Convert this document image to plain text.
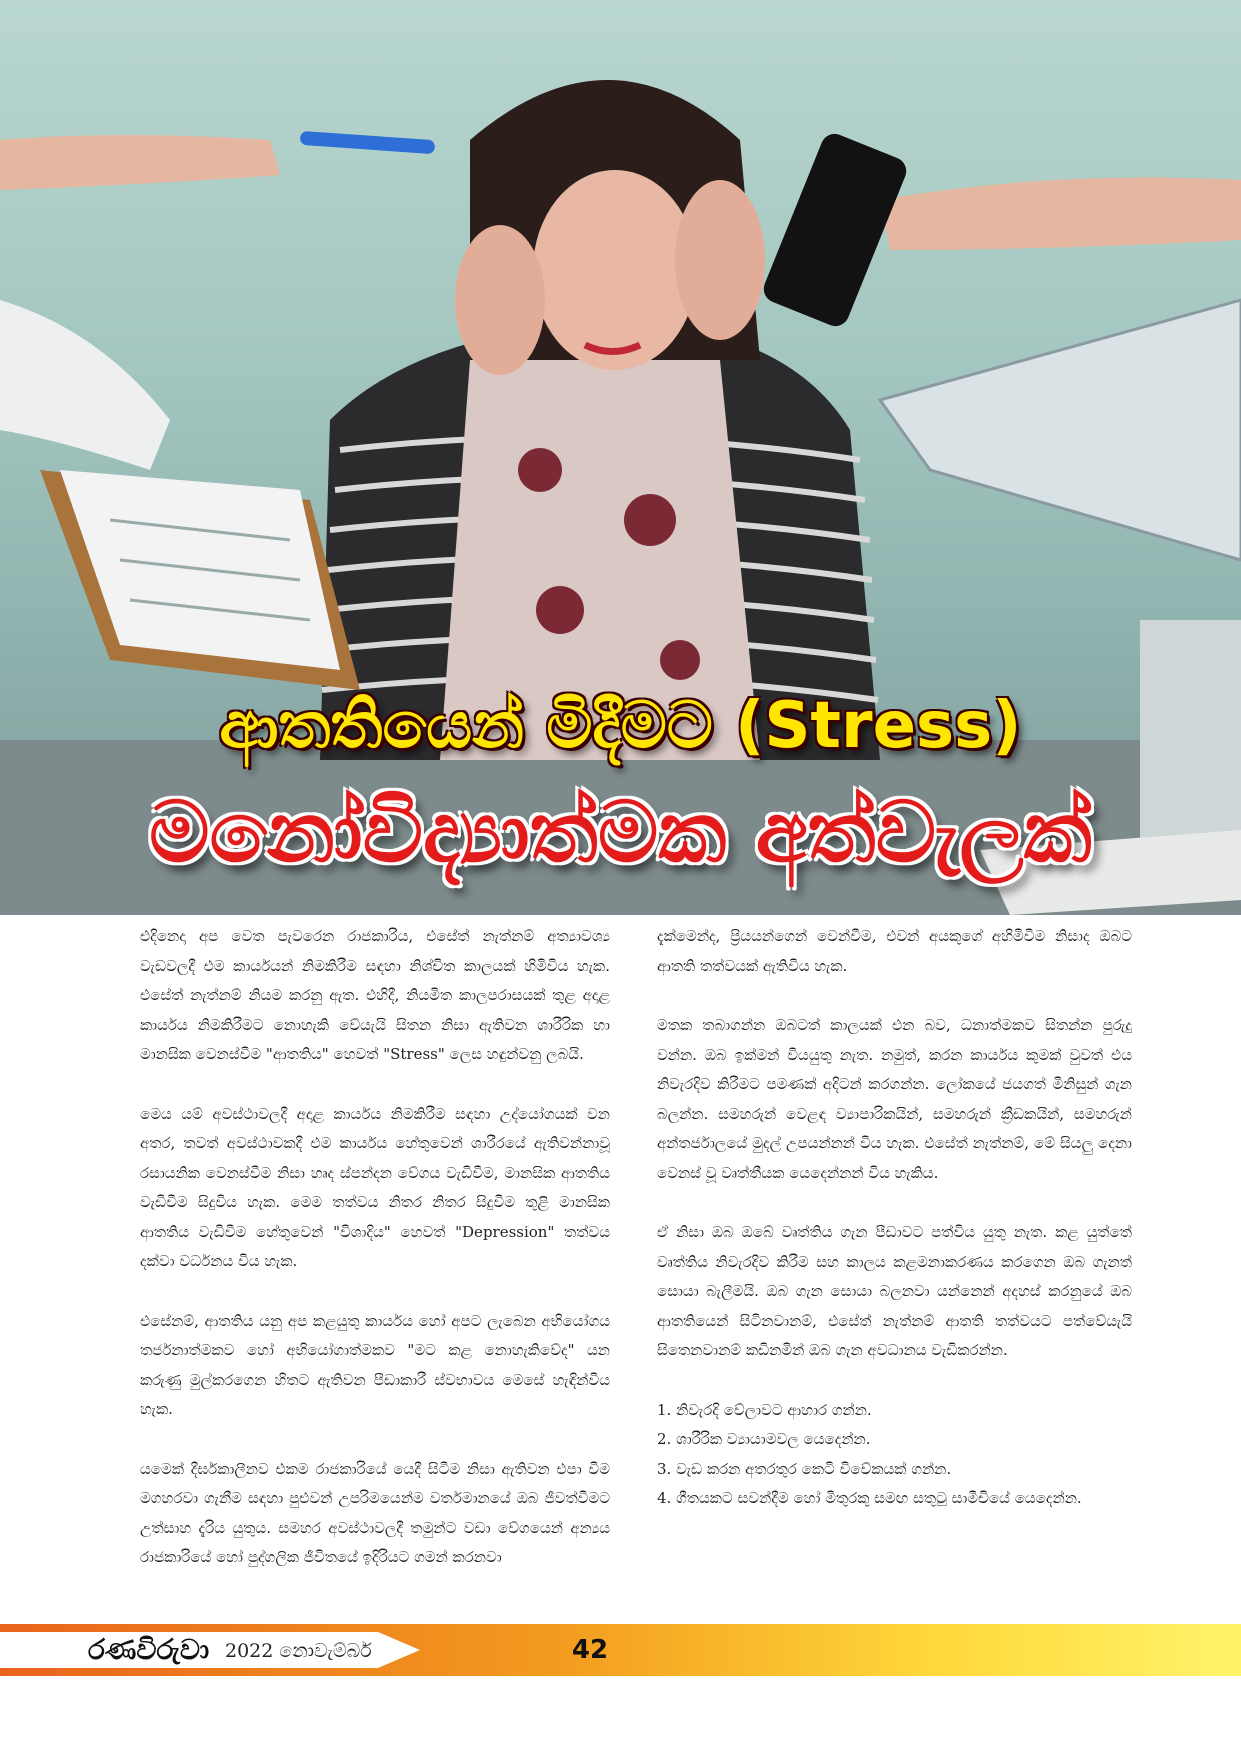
ආතතියෙන් මිදීමට (Stress)
මනෝවිද්‍යාත්මක අත්වැලක්

එදිනෙදා අප වෙත පැවරෙන රාජකාරිය, එසේත් නැත්නම් අත්‍යාවශ්‍ය වැඩවලදී එම කාර්යයන් නිමකිරීම සඳහා නිශ්චිත කාලයක් හිමිවිය හැක. එසේත් නැත්නම් නියම කරනු ඇත. එහිදී, නියමිත කාලපරාසයක් තුළ අදාළ කාර්යය නිමකිරීමට නොහැකි වේයැයි සිතන නිසා ඇතිවන ශාරීරික හා මානසික වෙනස්වීම "ආතතිය" හෙවත් "Stress" ලෙස හඳුන්වනු ලබයි.

මෙය යම් අවස්ථාවලදී අදාළ කාර්යය නිමකිරීම සඳහා උද්යෝගයක් වන අතර, තවත් අවස්ථාවකදී එම කාර්යය හේතුවෙන් ශාරීරයේ ඇතිවන්නාවූ රසායනික වෙනස්වීම නිසා හෘද ස්පන්දන වේගය වැඩිවීම, මානසික ආතතිය වැඩිවීම සිදුවිය හැක. මෙම තත්වය නිතර නිතර සිදුවීම තුළි මානසික ආතතිය වැඩිවීම හේතුවෙන් "විශාදිය" හෙවත් "Depression" තත්වය දක්වා වර්ධනය විය හැක.

එසේනම්, ආතතිය යනු අප කළයුතු කාර්යය හෝ අපට ලැබෙන අභියෝගය තර්ජනාත්මකව හෝ අභියෝගාත්මකව "මට කළ නොහැකිවේද" යන කරුණු මුල්කරගෙන හිතට ඇතිවන පීඩාකාරී ස්වභාවය මෙසේ හැඳින්විය හැක.

යමෙක් දීර්ඝකාලීනව එකම රාජකාරියේ යෙදී සිටීම නිසා ඇතිවන එපා වීම මගහරවා ගැනීම සඳහා පුළුවන් උපරිමයෙන්ම වර්තමානයේ ඔබ ජීවත්වීමට උත්සාහ දැරිය යුතුය. සමහර අවස්ථාවලදී තමුන්ට වඩා වේගයෙන් අන්‍යය රාජකාරියේ හෝ පුද්ගලික ජීවිතයේ ඉදිරියට ගමන් කරනවා

දැක්මෙන්ද, ප්‍රියයන්ගෙන් වෙන්වීම, එවන් අයකුගේ අහිමිවීම නිසාද ඔබට ආතති තත්වයක් ඇතිවිය හැක.

මතක තබාගන්න ඔබටත් කාලයක් එන බව, ධනාත්මකව සිතන්න පුරුදු වන්න. ඔබ ඉක්මන් වියයුතු නැත. නමුත්, කරන කාර්යය කුමක් වුවත් එය නිවැරදිව කිරීමට පමණක් අදිටන් කරගන්න. ලෝකයේ ජයගත් මිනිසුන් ගැන බලන්න. සමහරුන් වෙළඳ ව්‍යාපාරිකයින්, සමහරුන් ක්‍රීඩකයින්, සමහරුන් අන්තර්ජාලයේ මුදල් උපයන්නන් විය හැක. එසේත් නැත්නම්, මේ සියලු දෙනා වෙනස් වූ වෘත්තීයක යෙදෙන්නන් විය හැකිය.

ඒ නිසා ඔබ ඔබේ වෘත්තිය ගැන පීඩාවට පත්විය යුතු නැත. කළ යුත්තේ වෘත්තිය නිවැරදිව කිරීම සහ කාලය කළමනාකරණය කරගෙන ඔබ ගැනත් සොයා බැලීමයි. ඔබ ගැන සොයා බලනවා යන්නෙන් අදහස් කරනුයේ ඔබ ආතතියෙන් සිටිනවානම්, එසේත් නැත්නම් ආතති තත්වයට පත්වේයැයි සිතෙනවානම් කඩිනමින් ඔබ ගැන අවධානය වැඩිකරන්න.

1. නිවැරදි වේලාවට ආහාර ගන්න.
2. ශාරීරික ව්‍යායාමවල යෙදෙන්න.
3. වැඩ කරන අතරතුර කෙටි විවේකයක් ගන්න.
4. ගීතයකට සවන්දීම හෝ මිතුරකු සමඟ සතුටු සාමීචියේ යෙදෙන්න.
රණවිරුවා 2022 නොවැම්බර්	42
